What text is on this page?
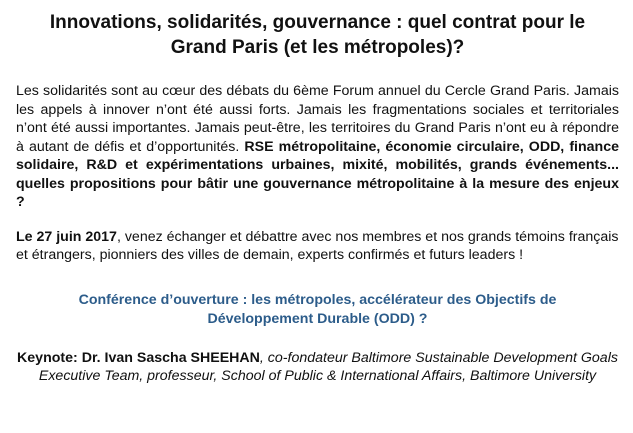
Innovations, solidarités, gouvernance : quel contrat pour le
Grand Paris (et les métropoles)?

Les solidarités sont au cœur des débats du 6ème Forum annuel du Cercle Grand Paris. Jamais les appels à innover n’ont été aussi forts. Jamais les fragmentations sociales et territoriales n’ont été aussi importantes. Jamais peut-être, les territoires du Grand Paris n’ont eu à répondre à autant de défis et d’opportunités. RSE métropolitaine, économie circulaire, ODD, finance solidaire, R&D et expérimentations urbaines, mixité, mobilités, grands événements... quelles propositions pour bâtir une gouvernance métropolitaine à la mesure des enjeux ?

Le 27 juin 2017, venez échanger et débattre avec nos membres et nos grands témoins français et étrangers, pionniers des villes de demain, experts confirmés et futurs leaders !

Conférence d’ouverture : les métropoles, accélérateur des Objectifs de
Développement Durable (ODD) ?

Keynote: Dr. Ivan Sascha SHEEHAN, co-fondateur Baltimore Sustainable Development Goals Executive Team, professeur, School of Public & International Affairs, Baltimore University
